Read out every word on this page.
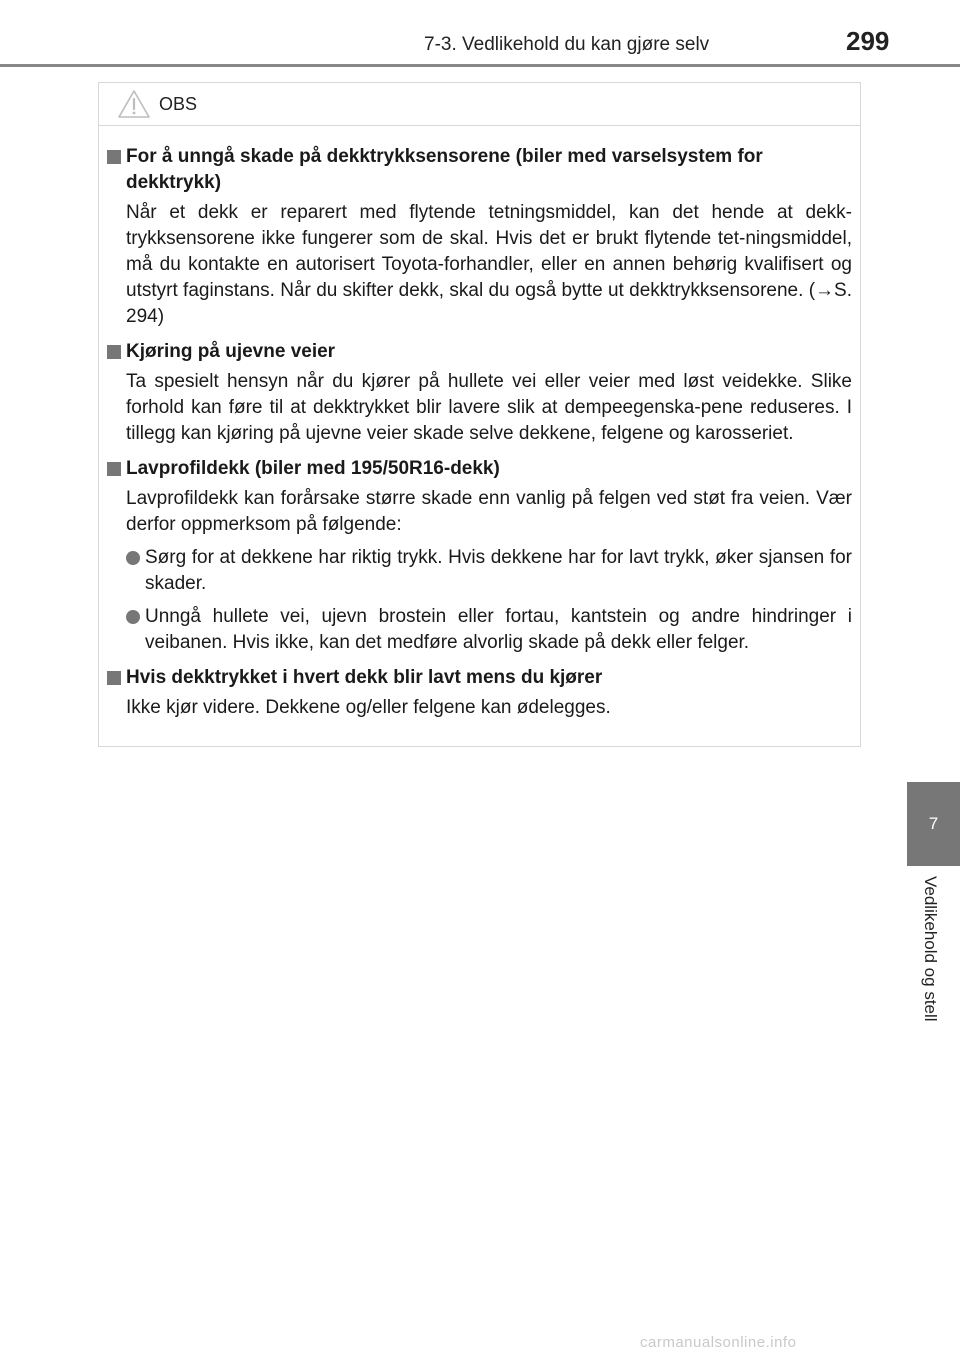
7-3. Vedlikehold du kan gjøre selv	299
7
Vedlikehold og stell
OBS
For å unngå skade på dekktrykksensorene (biler med varselsystem for dekktrykk)
Når et dekk er reparert med flytende tetningsmiddel, kan det hende at dekk-trykksensorene ikke fungerer som de skal. Hvis det er brukt flytende tet-ningsmiddel, må du kontakte en autorisert Toyota-forhandler, eller en annen behørig kvalifisert og utstyrt faginstans. Når du skifter dekk, skal du også bytte ut dekktrykksensorene. (→S. 294)
Kjøring på ujevne veier
Ta spesielt hensyn når du kjører på hullete vei eller veier med løst veidekke. Slike forhold kan føre til at dekktrykket blir lavere slik at dempeegenska-pene reduseres. I tillegg kan kjøring på ujevne veier skade selve dekkene, felgene og karosseriet.
Lavprofildekk (biler med 195/50R16-dekk)
Lavprofildekk kan forårsake større skade enn vanlig på felgen ved støt fra veien. Vær derfor oppmerksom på følgende:
Sørg for at dekkene har riktig trykk. Hvis dekkene har for lavt trykk, øker sjansen for skader.
Unngå hullete vei, ujevn brostein eller fortau, kantstein og andre hindringer i veibanen. Hvis ikke, kan det medføre alvorlig skade på dekk eller felger.
Hvis dekktrykket i hvert dekk blir lavt mens du kjører
Ikke kjør videre. Dekkene og/eller felgene kan ødelegges.
carmanualsonline.info
